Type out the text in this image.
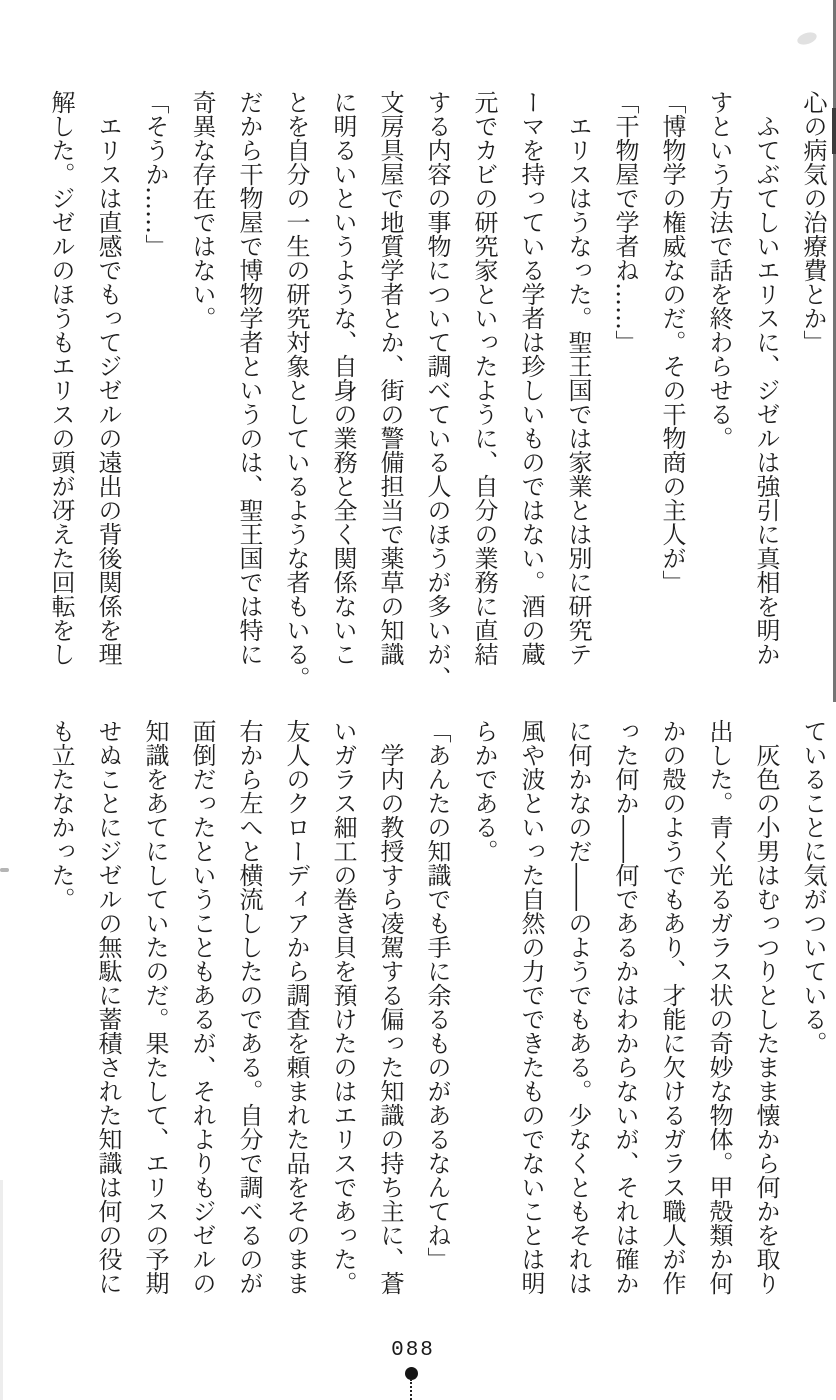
心の病気の治療費とか」

　ふてぶてしいエリスに、ジゼルは強引に真相を明か

すという方法で話を終わらせる。

「博物学の権威なのだ。その干物商の主人が」

「干物屋で学者ね……」

　エリスはうなった。聖王国では家業とは別に研究テ

ーマを持っている学者は珍しいものではない。酒の蔵

元でカビの研究家といったように、自分の業務に直結

する内容の事物について調べている人のほうが多いが、

文房具屋で地質学者とか、街の警備担当で薬草の知識

に明るいというような、自身の業務と全く関係ないこ

とを自分の一生の研究対象としているような者もいる。

だから干物屋で博物学者というのは、聖王国では特に

奇異な存在ではない。

「そうか……」

　エリスは直感でもってジゼルの遠出の背後関係を理

解した。ジゼルのほうもエリスの頭が冴えた回転をし

ていることに気がついている。

　灰色の小男はむっつりとしたまま懐から何かを取り

出した。青く光るガラス状の奇妙な物体。甲殻類か何

かの殻のようでもあり、才能に欠けるガラス職人が作

った何か――何であるかはわからないが、それは確か

に何かなのだ――のようでもある。少なくともそれは

風や波といった自然の力でできたものでないことは明

らかである。

「あんたの知識でも手に余るものがあるなんてね」

　学内の教授すら凌駕する偏った知識の持ち主に、蒼

いガラス細工の巻き貝を預けたのはエリスであった。

友人のクローディアから調査を頼まれた品をそのまま

右から左へと横流ししたのである。自分で調べるのが

面倒だったということもあるが、それよりもジゼルの

知識をあてにしていたのだ。果たして、エリスの予期

せぬことにジゼルの無駄に蓄積された知識は何の役に

も立たなかった。

088
